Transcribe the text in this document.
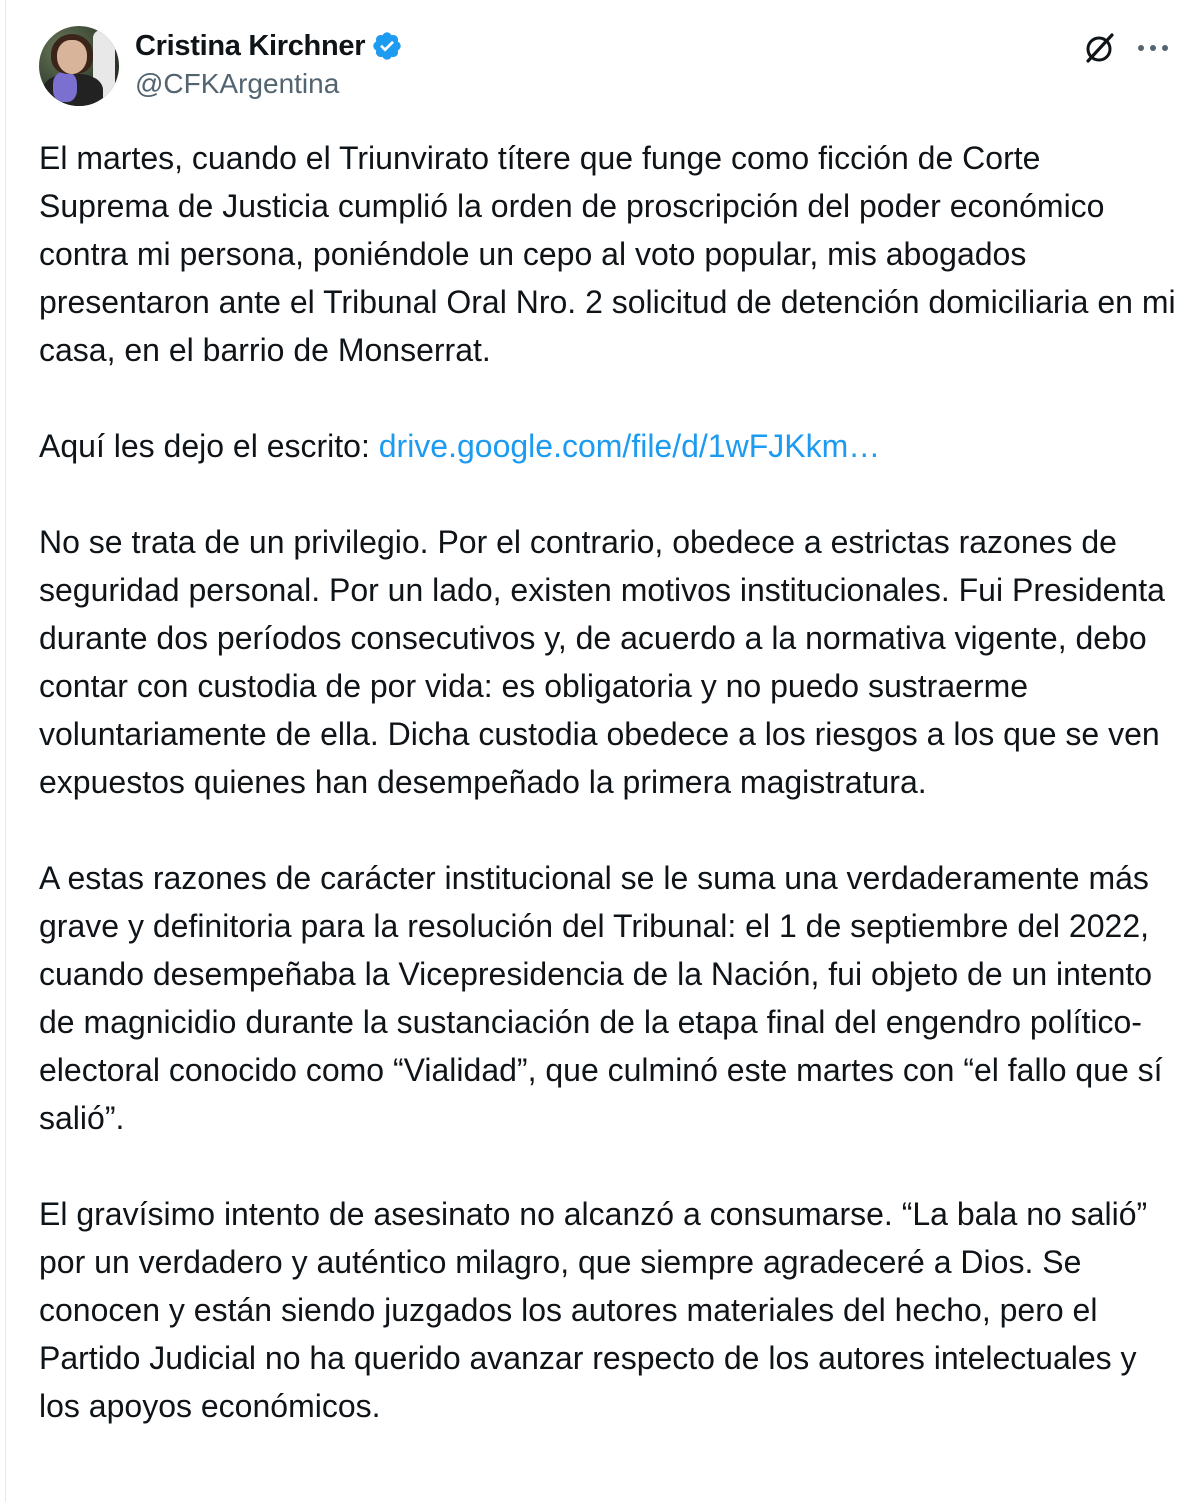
Cristina Kirchner
@CFKArgentina

El martes, cuando el Triunvirato títere que funge como ficción de Corte Suprema de Justicia cumplió la orden de proscripción del poder económico contra mi persona, poniéndole un cepo al voto popular, mis abogados presentaron ante el Tribunal Oral Nro. 2 solicitud de detención domiciliaria en mi casa, en el barrio de Monserrat.

Aquí les dejo el escrito: drive.google.com/file/d/1wFJKkm…

No se trata de un privilegio. Por el contrario, obedece a estrictas razones de seguridad personal. Por un lado, existen motivos institucionales. Fui Presidenta durante dos períodos consecutivos y, de acuerdo a la normativa vigente, debo contar con custodia de por vida: es obligatoria y no puedo sustraerme voluntariamente de ella. Dicha custodia obedece a los riesgos a los que se ven expuestos quienes han desempeñado la primera magistratura.

A estas razones de carácter institucional se le suma una verdaderamente más grave y definitoria para la resolución del Tribunal: el 1 de septiembre del 2022, cuando desempeñaba la Vicepresidencia de la Nación, fui objeto de un intento de magnicidio durante la sustanciación de la etapa final del engendro político-electoral conocido como “Vialidad”, que culminó este martes con “el fallo que sí salió”.

El gravísimo intento de asesinato no alcanzó a consumarse. “La bala no salió” por un verdadero y auténtico milagro, que siempre agradeceré a Dios. Se conocen y están siendo juzgados los autores materiales del hecho, pero el Partido Judicial no ha querido avanzar respecto de los autores intelectuales y los apoyos económicos.
